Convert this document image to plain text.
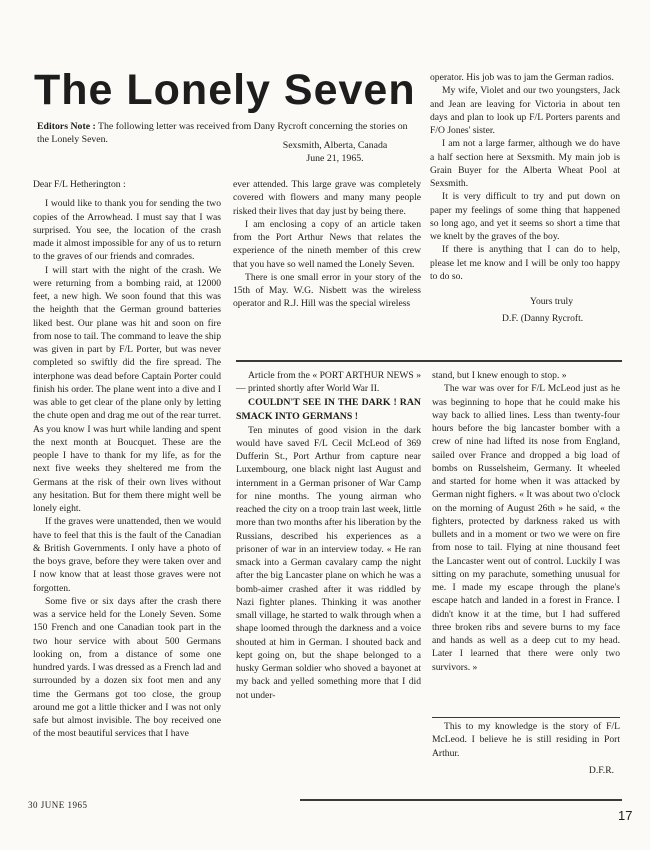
The Lonely Seven
Editors Note : The following letter was received from Dany Rycroft concerning the stories on the Lonely Seven.
Sexsmith, Alberta, Canada
June 21, 1965.

Dear F/L Hetherington :

I would like to thank you for sending the two copies of the Arrowhead. I must say that I was surprised. You see, the location of the crash made it almost impossible for any of us to return to the graves of our friends and comrades.

I will start with the night of the crash. We were returning from a bombing raid, at 12000 feet, a new high. We soon found that this was the heighth that the German ground batteries liked best. Our plane was hit and soon on fire from nose to tail. The command to leave the ship was given in part by F/L Porter, but was never completed so swiftly did the fire spread. The interphone was dead before Captain Porter could finish his order. The plane went into a dive and I was able to get clear of the plane only by letting the chute open and drag me out of the rear turret. As you know I was hurt while landing and spent the next month at Boucquet. These are the people I have to thank for my life, as for the next five weeks they sheltered me from the Germans at the risk of their own lives without any hesitation. But for them there might well be lonely eight.

If the graves were unattended, then we would have to feel that this is the fault of the Canadian & British Governments. I only have a photo of the boys grave, before they were taken over and I now know that at least those graves were not forgotten.

Some five or six days after the crash there was a service held for the Lonely Seven. Some 150 French and one Canadian took part in the two hour service with about 500 Germans looking on, from a distance of some one hundred yards. I was dressed as a French lad and surrounded by a dozen six foot men and any time the Germans got too close, the group around me got a little thicker and I was not only safe but almost invisible. The boy received one of the most beautiful services that I have

ever attended. This large grave was completely covered with flowers and many many people risked their lives that day just by being there.

I am enclosing a copy of an article taken from the Port Arthur News that relates the experience of the nineth member of this crew that you have so well named the Lonely Seven.

There is one small error in your story of the 15th of May. W.G. Nisbett was the wireless operator and R.J. Hill was the special wireless

operator. His job was to jam the German radios.

My wife, Violet and our two youngsters, Jack and Jean are leaving for Victoria in about ten days and plan to look up F/L Porters parents and F/O Jones' sister.

I am not a large farmer, although we do have a half section here at Sexsmith. My main job is Grain Buyer for the Alberta Wheat Pool at Sexsmith.

It is very difficult to try and put down on paper my feelings of some thing that happened so long ago, and yet it seems so short a time that we knelt by the graves of the boy.

If there is anything that I can do to help, please let me know and I will be only too happy to do so.

Yours truly

D.F. (Danny Rycroft.

Article from the « PORT ARTHUR NEWS » — printed shortly after World War II.

COULDN'T SEE IN THE DARK ! RAN SMACK INTO GERMANS !

Ten minutes of good vision in the dark would have saved F/L Cecil McLeod of 369 Dufferin St., Port Arthur from capture near Luxembourg, one black night last August and internment in a German prisoner of War Camp for nine months. The young airman who reached the city on a troop train last week, little more than two months after his liberation by the Russians, described his experiences as a prisoner of war in an interview today. « He ran smack into a German cavalary camp the night after the big Lancaster plane on which he was a bomb-aimer crashed after it was riddled by Nazi fighter planes. Thinking it was another small village, he started to walk through when a shape loomed through the darkness and a voice shouted at him in German. I shouted back and kept going on, but the shape belonged to a husky German soldier who shoved a bayonet at my back and yelled something more that I did not under-

stand, but I knew enough to stop. »

The war was over for F/L McLeod just as he was beginning to hope that he could make his way back to allied lines. Less than twenty-four hours before the big lancaster bomber with a crew of nine had lifted its nose from England, sailed over France and dropped a big load of bombs on Russelsheim, Germany. It wheeled and started for home when it was attacked by German night fighers. « It was about two o'clock on the morning of August 26th » he said, « the fighters, protected by darkness raked us with bullets and in a moment or two we were on fire from nose to tail. Flying at nine thousand feet the Lancaster went out of control. Luckily I was sitting on my parachute, something unusual for me. I made my escape through the plane's escape hatch and landed in a forest in France. I didn't know it at the time, but I had suffered three broken ribs and severe burns to my face and hands as well as a deep cut to my head. Later I learned that there were only two survivors. »

This to my knowledge is the story of F/L McLeod. I believe he is still residing in Port Arthur.

D.F.R.

30 JUNE 1965
17
